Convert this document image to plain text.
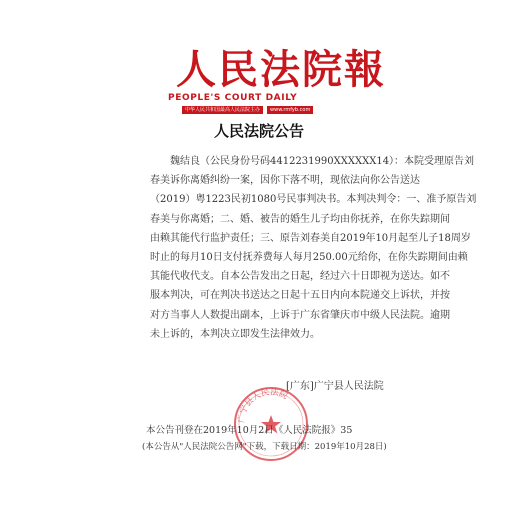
人民法院報
PEOPLE'S COURT DAILY
中华人民共和国最高人民法院主办	www.rmfyb.com
人民法院公告
魏结良（公民身份号码4412231990XXXXXX14）：本院受理原告刘
春美诉你离婚纠纷一案，因你下落不明，现依法向你公告送达
（2019）粤1223民初1080号民事判决书。本判决判令：一、准予原告刘
春美与你离婚；二、婚、被告的婚生儿子均由你抚养，在你失踪期间
由赖其能代行监护责任；三、原告刘春美自2019年10月起至儿子18周岁
时止的每月10日支付抚养费每人每月250.00元给你，在你失踪期间由赖
其能代收代支。自本公告发出之日起，经过六十日即视为送达。如不
服本判决，可在判决书送达之日起十五日内向本院递交上诉状，并按
对方当事人人数提出副本，上诉于广东省肇庆市中级人民法院。逾期
未上诉的，本判决立即发生法律效力。
[广东]广宁县人民法院
广宁县人民法院
本公告刊登在2019年10月2日《人民法院报》35
(本公告从"人民法院公告网"下载，下载日期：2019年10月28日)
